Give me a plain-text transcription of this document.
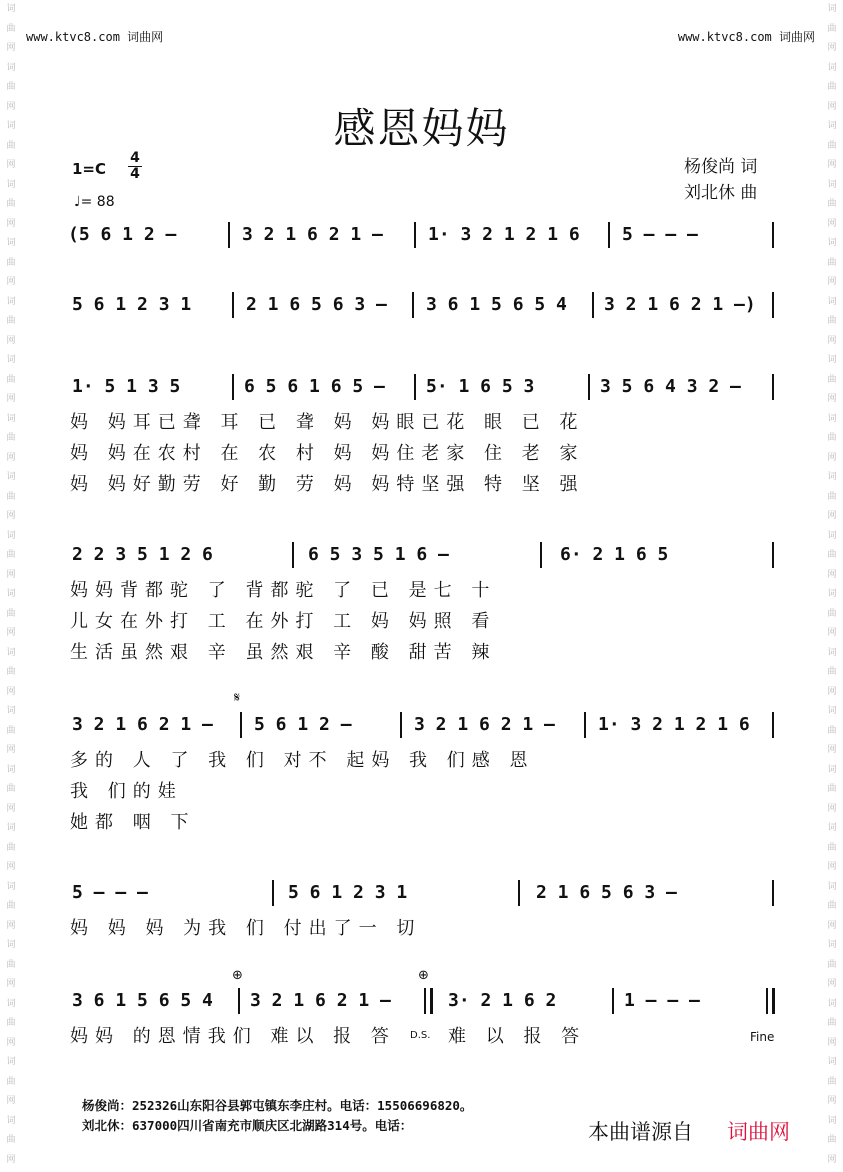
词 曲 网 词 曲 网 词 曲 网 词 曲 网 词 曲 网 词 曲 网 词 曲 网 词 曲 网 词 曲 网 词 曲 网 词 曲 网 词 曲 网 词 曲 网 词 曲 网 词 曲 网 词 曲 网 词 曲 网 词 曲 网 词 曲 网 词 曲 网
词 曲 网 词 曲 网 词 曲 网 词 曲 网 词 曲 网 词 曲 网 词 曲 网 词 曲 网 词 曲 网 词 曲 网 词 曲 网 词 曲 网 词 曲 网 词 曲 网 词 曲 网 词 曲 网 词 曲 网 词 曲 网 词 曲 网 词 曲 网
www.ktvc8.com 词曲网	www.ktvc8.com 词曲网
感恩妈妈
杨俊尚 词
刘北休 曲
1=C
4
4
♩= 88
(5 6 1 2 –	3 2 1 6 2 1 –	1· 3 2 1 2 1 6 5 – – –
5 6 1 2 3 1	2 1 6 5 6 3 – 3 6 1 5 6 5 4 3 2 1 6 2 1 –)
1· 5 1 3 5	6 5 6 1 6 5 – 5· 1 6 5 3	3 5 6 4 3 2 –
妈 妈耳已聋 耳 已 聋 妈 妈眼已花 眼 已 花
妈 妈在农村 在 农 村 妈 妈住老家 住 老 家
妈 妈好勤劳 好 勤 劳 妈 妈特坚强 特 坚 强
2 2 3 5 1 2 6	6 5 3 5 1 6 –	6· 2 1 6 5
妈妈背都驼 了 背都驼 了 已 是七 十
儿女在外打 工 在外打 工 妈 妈照 看
生活虽然艰 辛 虽然艰 辛 酸 甜苦 辣
3 2 1 6 2 1 –
𝄋
5 6 1 2 –	3 2 1 6 2 1 – 1· 3 2 1 2 1 6
多的 人 了 我 们 对不 起妈 我 们感 恩
我 们的娃
她都 咽 下
5 – – –	5 6 1 2 3 1	2 1 6 5 6 3 –
妈 妈 妈 为我 们 付出了一 切
3 6 1 5 6 5 4
⊕
3 2 1 6 2 1 –
⊕
3· 2 1 6 2	1 – – –
妈妈 的恩情我们 难以 报 答 D.S. 难 以 报 答	Fine
杨俊尚：252326山东阳谷县郭屯镇东李庄村。电话：15506696820。
刘北休：637000四川省南充市顺庆区北湖路314号。电话：	本曲谱源自 词曲网
